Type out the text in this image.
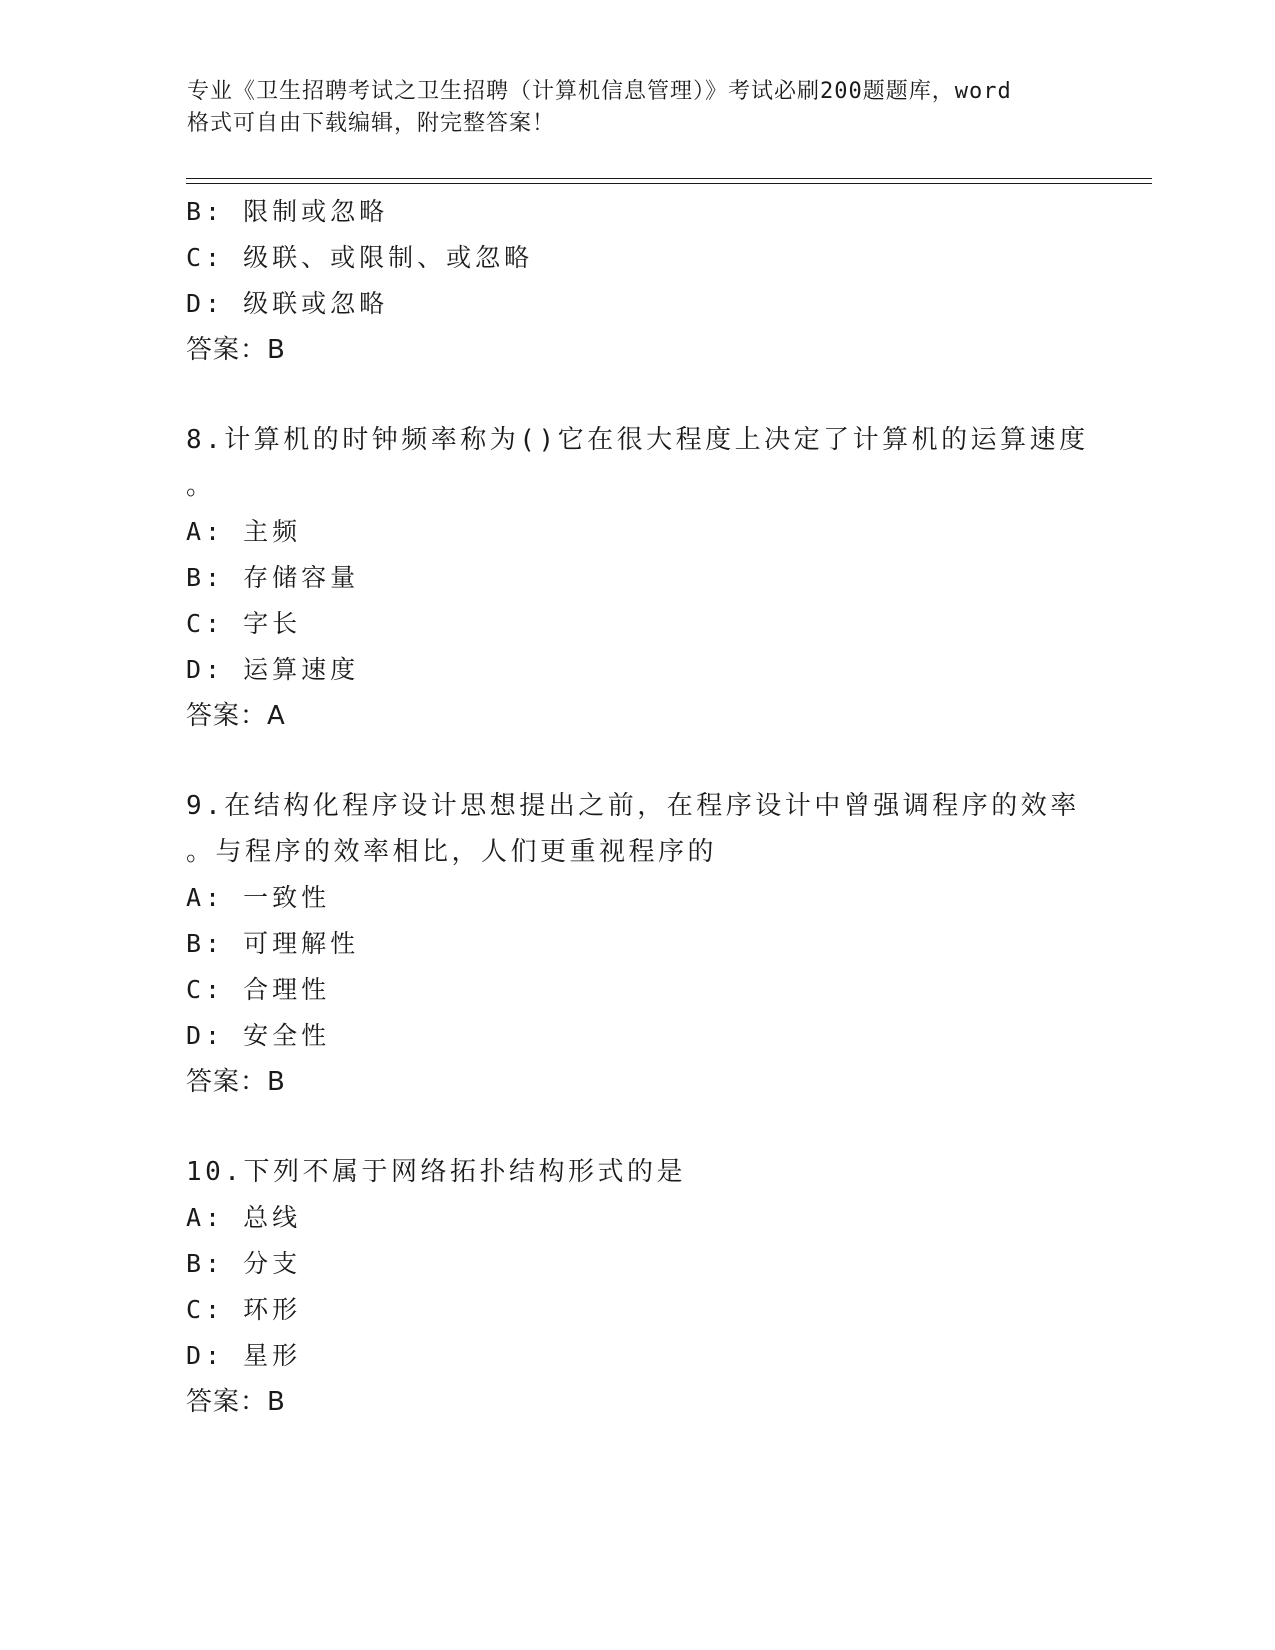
专业《卫生招聘考试之卫生招聘（计算机信息管理）》考试必刷200题题库，word
格式可自由下载编辑，附完整答案！
B: 限制或忽略
C: 级联、或限制、或忽略
D: 级联或忽略
答案：B
8.计算机的时钟频率称为()它在很大程度上决定了计算机的运算速度
。
A: 主频
B: 存储容量
C: 字长
D: 运算速度
答案：A
9.在结构化程序设计思想提出之前，在程序设计中曾强调程序的效率
。与程序的效率相比，人们更重视程序的
A: 一致性
B: 可理解性
C: 合理性
D: 安全性
答案：B
10.下列不属于网络拓扑结构形式的是
A: 总线
B: 分支
C: 环形
D: 星形
答案：B
